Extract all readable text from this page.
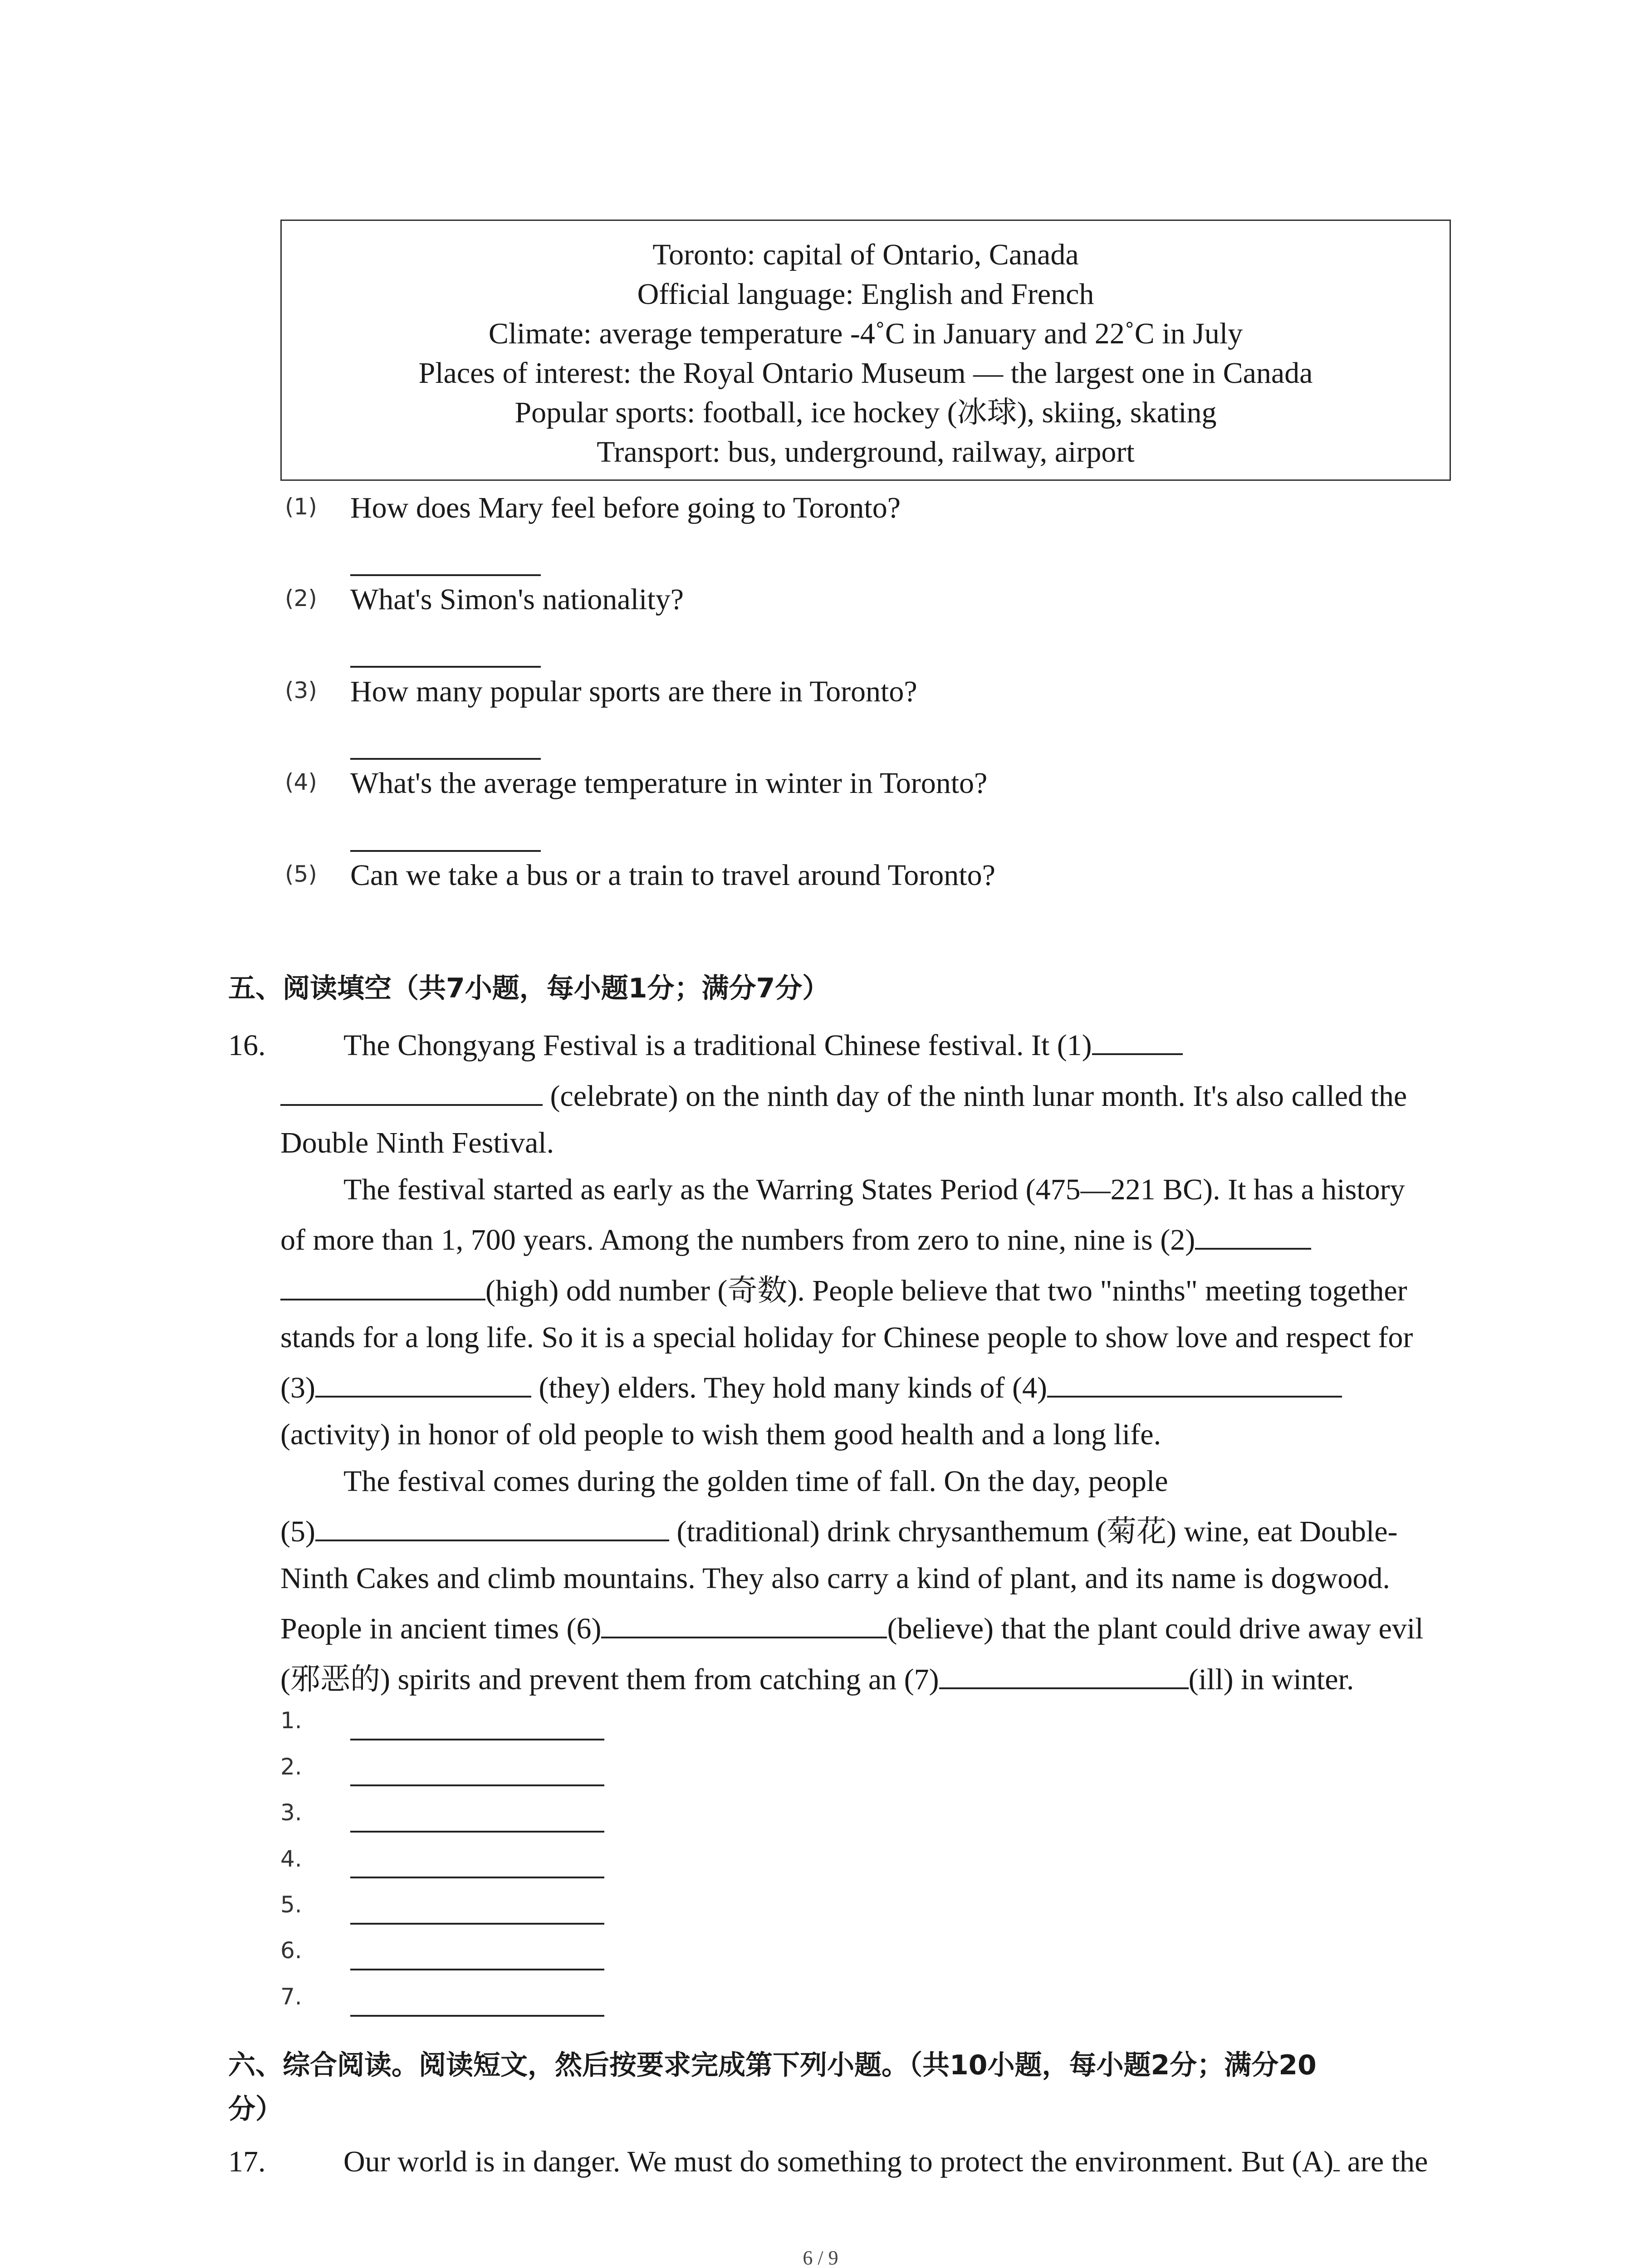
Toronto: capital of Ontario, Canada
Official language: English and French
Climate: average temperature -4˚C in January and 22˚C in July
Places of interest: the Royal Ontario Museum — the largest one in Canada
Popular sports: football, ice hockey (冰球), skiing, skating
Transport: bus, underground, railway, airport
(1) How does Mary feel before going to Toronto?
(2) What's Simon's nationality?
(3) How many popular sports are there in Toronto?
(4) What's the average temperature in winter in Toronto?
(5) Can we take a bus or a train to travel around Toronto?
五、阅读填空（共7小题，每小题1分；满分7分）
16.	The Chongyang Festival is a traditional Chinese festival. It (1)
(celebrate) on the ninth day of the ninth lunar month. It's also called the
Double Ninth Festival.
The festival started as early as the Warring States Period (475—221 BC). It has a history
of more than 1, 700 years. Among the numbers from zero to nine, nine is (2)
(high) odd number (奇数). People believe that two "ninths" meeting together
stands for a long life. So it is a special holiday for Chinese people to show love and respect for
(3)	(they) elders. They hold many kinds of (4)
(activity) in honor of old people to wish them good health and a long life.
The festival comes during the golden time of fall. On the day, people
(5)	(traditional) drink chrysanthemum (菊花) wine, eat Double-
Ninth Cakes and climb mountains. They also carry a kind of plant, and its name is dogwood.
People in ancient times (6)	(believe) that the plant could drive away evil
(邪恶的) spirits and prevent them from catching an (7)	(ill) in winter.
1.
2.
3.
4.
5.
6.
7.
六、综合阅读。阅读短文，然后按要求完成第下列小题。（共10小题，每小题2分；满分20
分）
17.	Our world is in danger. We must do something to protect the environment. But (A) are the
6 / 9
